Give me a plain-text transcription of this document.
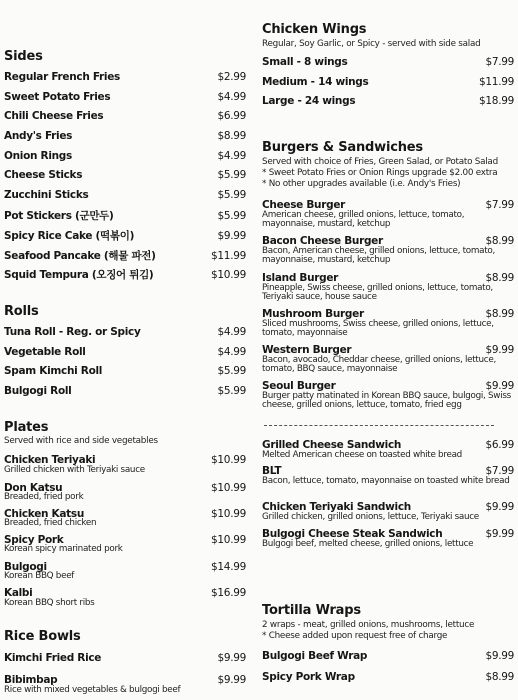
Sides
Regular French Fries	$2.99
Sweet Potato Fries	$4.99
Chili Cheese Fries	$6.99
Andy's Fries	$8.99
Onion Rings	$4.99
Cheese Sticks	$5.99
Zucchini Sticks	$5.99
Pot Stickers (군만두)	$5.99
Spicy Rice Cake (떡볶이)	$9.99
Seafood Pancake (해물 파전)	$11.99
Squid Tempura (오징어 튀김)	$10.99
Rolls
Tuna Roll - Reg. or Spicy	$4.99
Vegetable Roll	$4.99
Spam Kimchi Roll	$5.99
Bulgogi Roll	$5.99
Plates
Served with rice and side vegetables
Chicken Teriyaki	$10.99
Grilled chicken with Teriyaki sauce
Don Katsu	$10.99
Breaded, fried pork
Chicken Katsu	$10.99
Breaded, fried chicken
Spicy Pork	$10.99
Korean spicy marinated pork
Bulgogi	$14.99
Korean BBQ beef
Kalbi	$16.99
Korean BBQ short ribs
Rice Bowls
Kimchi Fried Rice	$9.99
Bibimbap	$9.99
Rice with mixed vegetables & bulgogi beef
Chicken Wings
Regular, Soy Garlic, or Spicy - served with side salad
Small - 8 wings	$7.99
Medium - 14 wings	$11.99
Large - 24 wings	$18.99
Burgers & Sandwiches
Served with choice of Fries, Green Salad, or Potato Salad
* Sweet Potato Fries or Onion Rings upgrade $2.00 extra
* No other upgrades available (i.e. Andy's Fries)
Cheese Burger	$7.99
American cheese, grilled onions, lettuce, tomato, mayonnaise, mustard, ketchup
Bacon Cheese Burger	$8.99
Bacon, American cheese, grilled onions, lettuce, tomato, mayonnaise, mustard, ketchup
Island Burger	$8.99
Pineapple, Swiss cheese, grilled onions, lettuce, tomato, Teriyaki sauce, house sauce
Mushroom Burger	$8.99
Sliced mushrooms, Swiss cheese, grilled onions, lettuce, tomato, mayonnaise
Western Burger	$9.99
Bacon, avocado, Cheddar cheese, grilled onions, lettuce, tomato, BBQ sauce, mayonnaise
Seoul Burger	$9.99
Burger patty matinated in Korean BBQ sauce, bulgogi, Swiss cheese, grilled onions, lettuce, tomato, fried egg
Grilled Cheese Sandwich	$6.99
Melted American cheese on toasted white bread
BLT	$7.99
Bacon, lettuce, tomato, mayonnaise on toasted white bread
Chicken Teriyaki Sandwich	$9.99
Grilled chicken, grilled onions, lettuce, Teriyaki sauce
Bulgogi Cheese Steak Sandwich	$9.99
Bulgogi beef, melted cheese, grilled onions, lettuce
Tortilla Wraps
2 wraps - meat, grilled onions, mushrooms, lettuce
* Cheese added upon request free of charge
Bulgogi Beef Wrap	$9.99
Spicy Pork Wrap	$8.99
